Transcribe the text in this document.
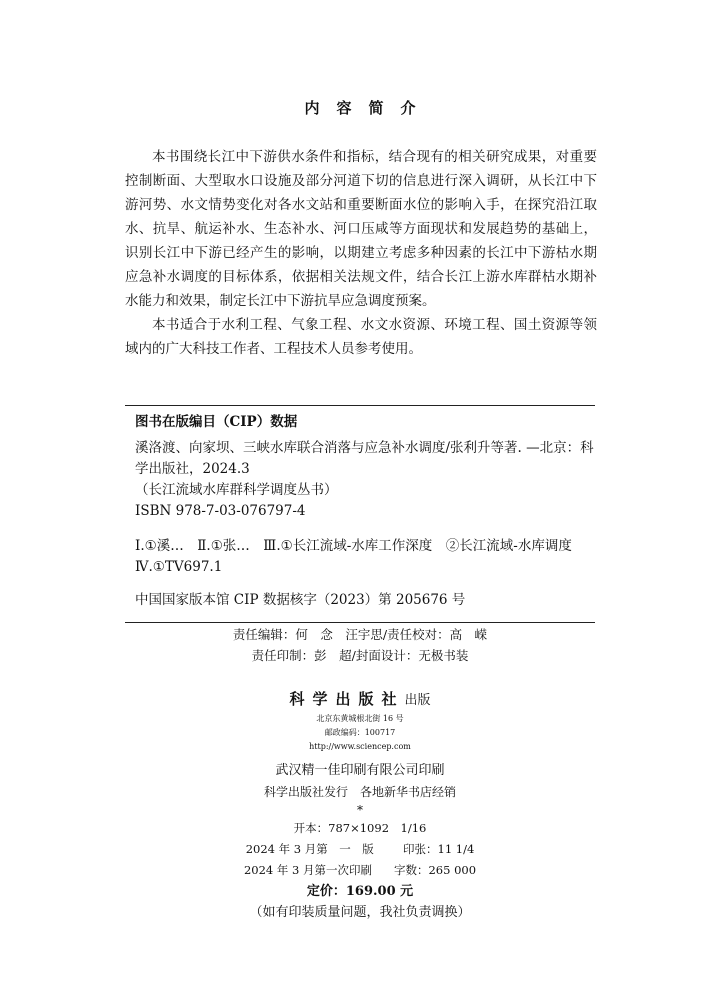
内容简介

本书围绕长江中下游供水条件和指标，结合现有的相关研究成果，对重要控制断面、大型取水口设施及部分河道下切的信息进行深入调研，从长江中下游河势、水文情势变化对各水文站和重要断面水位的影响入手，在探究沿江取水、抗旱、航运补水、生态补水、河口压咸等方面现状和发展趋势的基础上，识别长江中下游已经产生的影响，以期建立考虑多种因素的长江中下游枯水期应急补水调度的目标体系，依据相关法规文件，结合长江上游水库群枯水期补水能力和效果，制定长江中下游抗旱应急调度预案。

本书适合于水利工程、气象工程、水文水资源、环境工程、国土资源等领域内的广大科技工作者、工程技术人员参考使用。

图书在版编目（CIP）数据

溪洛渡、向家坝、三峡水库联合消落与应急补水调度/张利升等著. —北京：科学出版社，2024.3

（长江流域水库群科学调度丛书）

ISBN 978-7-03-076797-4

Ⅰ.①溪…　Ⅱ.①张…　Ⅲ.①长江流域-水库工作深度　②长江流域-水库调度　Ⅳ.①TV697.1

中国国家版本馆 CIP 数据核字（2023）第 205676 号

责任编辑：何　念　汪宇思/责任校对：高　嵘
责任印制：彭　超/封面设计：无极书装
科学出版社出版
北京东黄城根北街 16 号
邮政编码：100717
http://www.sciencep.com
武汉精一佳印刷有限公司印刷
科学出版社发行　各地新华书店经销
*
开本：787×1092　1/16
2024 年 3 月第　一　版	印张：11 1/4
2024 年 3 月第一次印刷 字数：265 000
定价：169.00 元
（如有印装质量问题，我社负责调换）
